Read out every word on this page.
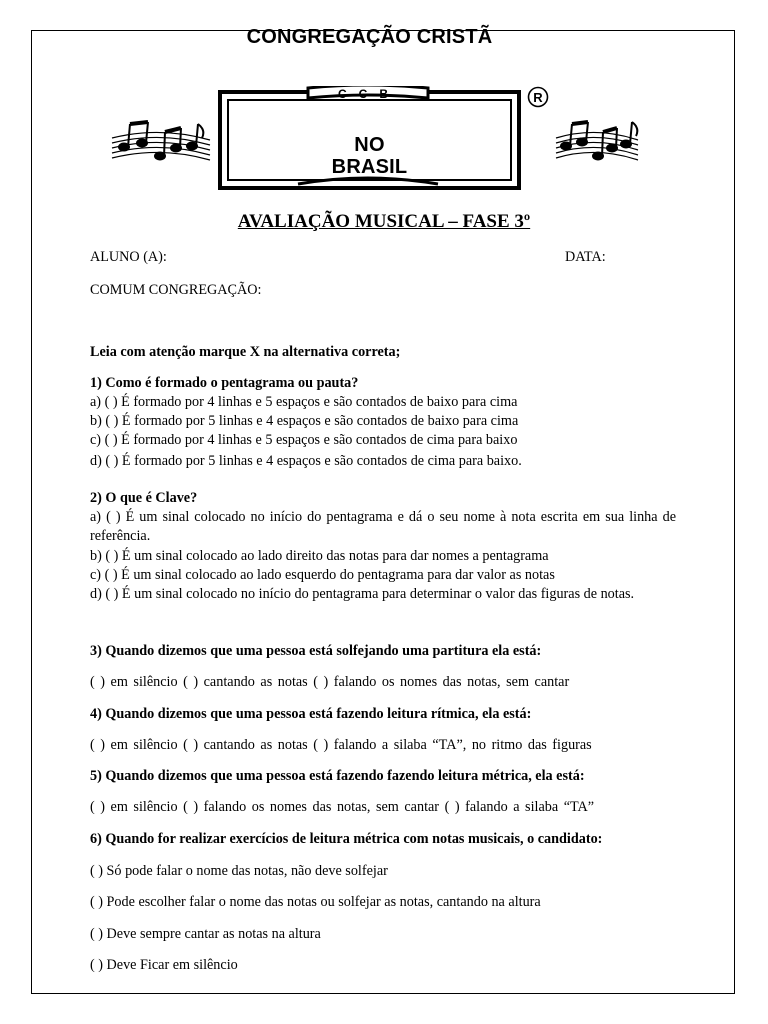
CCB
CONGREGAÇÃO CRISTÃ
NO
BRASIL
R
AVALIAÇÃO MUSICAL – FASE 3º
ALUNO (A):	DATA:
COMUM CONGREGAÇÃO:
Leia com atenção marque X na alternativa correta;
1) Como é formado o pentagrama ou pauta?
a) ( ) É formado por 4 linhas e 5 espaços e são contados de baixo para cima
b) ( ) É formado por 5 linhas e 4 espaços e são contados de baixo para cima
c) ( ) É formado por 4 linhas e 5 espaços e são contados de cima para baixo
d) ( ) É formado por 5 linhas e 4 espaços e são contados de cima para baixo.
2) O que é Clave?
a) ( ) É um sinal colocado no início do pentagrama e dá o seu nome à nota escrita em sua linha de referência.
b) ( ) É um sinal colocado ao lado direito das notas para dar nomes a pentagrama
c) ( ) É um sinal colocado ao lado esquerdo do pentagrama para dar valor as notas
d) ( ) É um sinal colocado no início do pentagrama para determinar o valor das figuras de notas.
3) Quando dizemos que uma pessoa está solfejando uma partitura ela está:
( ) em silêncio ( ) cantando as notas ( ) falando os nomes das notas, sem cantar
4) Quando dizemos que uma pessoa está fazendo leitura rítmica, ela está:
( ) em silêncio ( ) cantando as notas ( ) falando a silaba “TA”, no ritmo das figuras
5) Quando dizemos que uma pessoa está fazendo fazendo leitura métrica, ela está:
( ) em silêncio ( ) falando os nomes das notas, sem cantar ( ) falando a silaba “TA”
6) Quando for realizar exercícios de leitura métrica com notas musicais, o candidato:
( ) Só pode falar o nome das notas, não deve solfejar
( ) Pode escolher falar o nome das notas ou solfejar as notas, cantando na altura
( ) Deve sempre cantar as notas na altura
( ) Deve Ficar em silêncio
